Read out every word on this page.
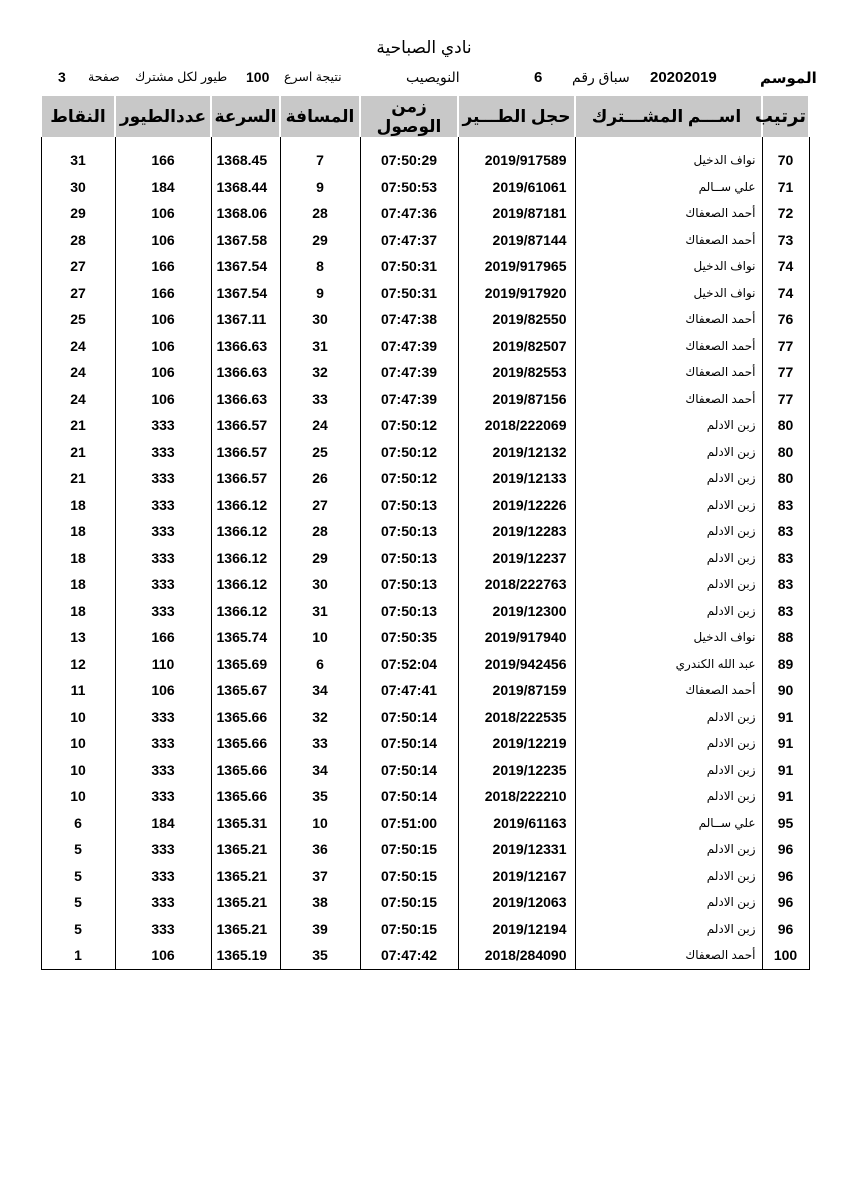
نادي الصباحية
الموسم
20202019
سباق رقم
6
النويصيب
نتيجة اسرع
100
طيور لكل مشترك
صفحة
3
ترتيب	اســـم المشـــترك	حجل الطـــير	زمن الوصول	المسافة	السرعة	عددالطيور	النقاط

70	نواف الدخيل	2019/917589	07:50:29	7	1368.45	166	31
71	علي ســالم	2019/61061	07:50:53	9	1368.44	184	30
72	أحمد الصعفاك	2019/87181	07:47:36	28	1368.06	106	29
73	أحمد الصعفاك	2019/87144	07:47:37	29	1367.58	106	28
74	نواف الدخيل	2019/917965	07:50:31	8	1367.54	166	27
74	نواف الدخيل	2019/917920	07:50:31	9	1367.54	166	27
76	أحمد الصعفاك	2019/82550	07:47:38	30	1367.11	106	25
77	أحمد الصعفاك	2019/82507	07:47:39	31	1366.63	106	24
77	أحمد الصعفاك	2019/82553	07:47:39	32	1366.63	106	24
77	أحمد الصعفاك	2019/87156	07:47:39	33	1366.63	106	24
80	زبن الادلم	2018/222069	07:50:12	24	1366.57	333	21
80	زبن الادلم	2019/12132	07:50:12	25	1366.57	333	21
80	زبن الادلم	2019/12133	07:50:12	26	1366.57	333	21
83	زبن الادلم	2019/12226	07:50:13	27	1366.12	333	18
83	زبن الادلم	2019/12283	07:50:13	28	1366.12	333	18
83	زبن الادلم	2019/12237	07:50:13	29	1366.12	333	18
83	زبن الادلم	2018/222763	07:50:13	30	1366.12	333	18
83	زبن الادلم	2019/12300	07:50:13	31	1366.12	333	18
88	نواف الدخيل	2019/917940	07:50:35	10	1365.74	166	13
89	عبد الله الكندري	2019/942456	07:52:04	6	1365.69	110	12
90	أحمد الصعفاك	2019/87159	07:47:41	34	1365.67	106	11
91	زبن الادلم	2018/222535	07:50:14	32	1365.66	333	10
91	زبن الادلم	2019/12219	07:50:14	33	1365.66	333	10
91	زبن الادلم	2019/12235	07:50:14	34	1365.66	333	10
91	زبن الادلم	2018/222210	07:50:14	35	1365.66	333	10
95	علي ســالم	2019/61163	07:51:00	10	1365.31	184	6
96	زبن الادلم	2019/12331	07:50:15	36	1365.21	333	5
96	زبن الادلم	2019/12167	07:50:15	37	1365.21	333	5
96	زبن الادلم	2019/12063	07:50:15	38	1365.21	333	5
96	زبن الادلم	2019/12194	07:50:15	39	1365.21	333	5
100	أحمد الصعفاك	2018/284090	07:47:42	35	1365.19	106	1
